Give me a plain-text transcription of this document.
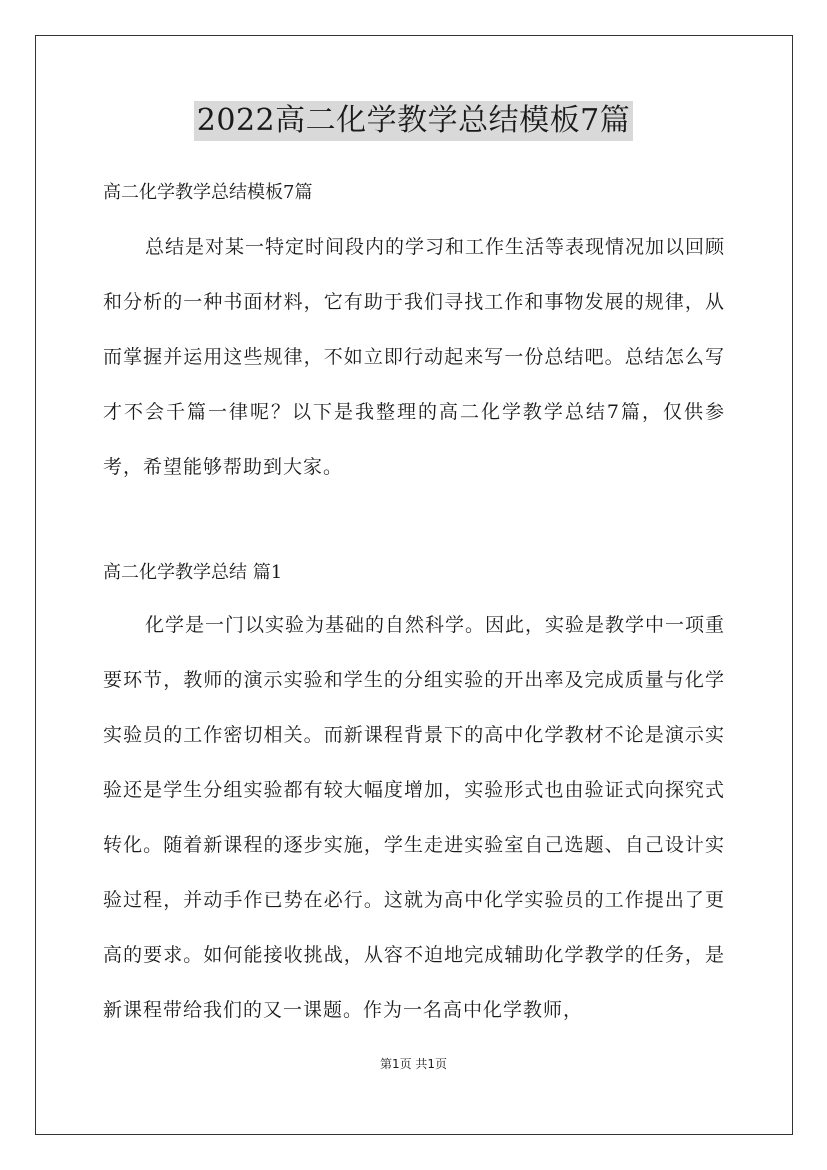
2022高二化学教学总结模板7篇

高二化学教学总结模板7篇

总结是对某一特定时间段内的学习和工作生活等表现情况加以回顾和分析的一种书面材料，它有助于我们寻找工作和事物发展的规律，从而掌握并运用这些规律，不如立即行动起来写一份总结吧。总结怎么写才不会千篇一律呢？以下是我整理的高二化学教学总结7篇，仅供参考，希望能够帮助到大家。

高二化学教学总结 篇1

化学是一门以实验为基础的自然科学。因此，实验是教学中一项重要环节，教师的演示实验和学生的分组实验的开出率及完成质量与化学实验员的工作密切相关。而新课程背景下的高中化学教材不论是演示实验还是学生分组实验都有较大幅度增加，实验形式也由验证式向探究式转化。随着新课程的逐步实施，学生走进实验室自己选题、自己设计实验过程，并动手作已势在必行。这就为高中化学实验员的工作提出了更高的要求。如何能接收挑战，从容不迫地完成辅助化学教学的任务，是新课程带给我们的又一课题。作为一名高中化学教师，

第1页 共1页
